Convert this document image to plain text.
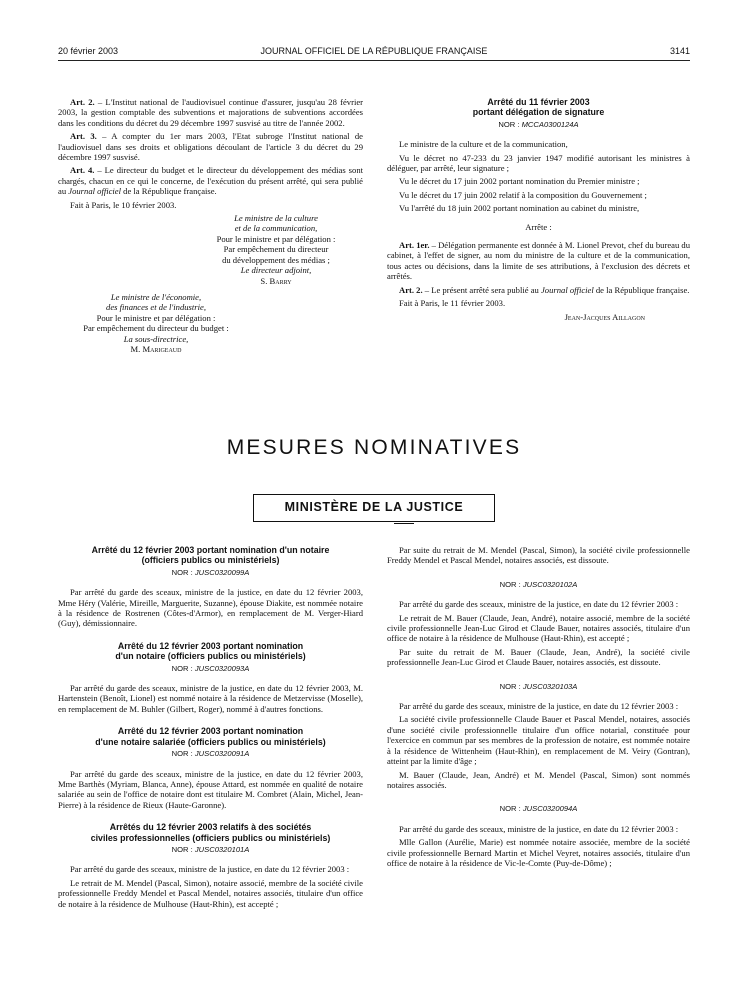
20 février 2003	JOURNAL OFFICIEL DE LA RÉPUBLIQUE FRANÇAISE	3141

Art. 2. – L'Institut national de l'audiovisuel continue d'assurer, jusqu'au 28 février 2003, la gestion comptable des subventions et majorations de subventions accordées dans les conditions du décret du 29 décembre 1997 susvisé au titre de l'année 2002.

Art. 3. – A compter du 1er mars 2003, l'Etat subroge l'Institut national de l'audiovisuel dans ses droits et obligations découlant de l'article 3 du décret du 29 décembre 1997 susvisé.

Art. 4. – Le directeur du budget et le directeur du développement des médias sont chargés, chacun en ce qui le concerne, de l'exécution du présent arrêté, qui sera publié au Journal officiel de la République française.

Fait à Paris, le 10 février 2003.

Le ministre de la culture
et de la communication,
Pour le ministre et par délégation :
Par empêchement du directeur
du développement des médias ;
Le directeur adjoint,
S. Barry
Le ministre de l'économie,
des finances et de l'industrie,
Pour le ministre et par délégation :
Par empêchement du directeur du budget :
La sous-directrice,
M. Marigeaud
Arrêté du 11 février 2003
portant délégation de signature
NOR : MCCA0300124A

Le ministre de la culture et de la communication,

Vu le décret no 47-233 du 23 janvier 1947 modifié autorisant les ministres à déléguer, par arrêté, leur signature ;

Vu le décret du 17 juin 2002 portant nomination du Premier ministre ;

Vu le décret du 17 juin 2002 relatif à la composition du Gouvernement ;

Vu l'arrêté du 18 juin 2002 portant nomination au cabinet du ministre,

Arrête :

Art. 1er. – Délégation permanente est donnée à M. Lionel Prevot, chef du bureau du cabinet, à l'effet de signer, au nom du ministre de la culture et de la communication, tous actes ou décisions, dans la limite de ses attributions, à l'exclusion des décrets et arrêtés.

Art. 2. – Le présent arrêté sera publié au Journal officiel de la République française.

Fait à Paris, le 11 février 2003.

Jean-Jacques Aillagon

MESURES NOMINATIVES
MINISTÈRE DE LA JUSTICE
Arrêté du 12 février 2003 portant nomination d'un notaire
(officiers publics ou ministériels)
NOR : JUSC0320099A

Par arrêté du garde des sceaux, ministre de la justice, en date du 12 février 2003, Mme Héry (Valérie, Mireille, Marguerite, Suzanne), épouse Diakite, est nommée notaire à la résidence de Rostrenen (Côtes-d'Armor), en remplacement de M. Verger-Hiard (Guy), démissionnaire.

Arrêté du 12 février 2003 portant nomination
d'un notaire (officiers publics ou ministériels)
NOR : JUSC0320093A

Par arrêté du garde des sceaux, ministre de la justice, en date du 12 février 2003, M. Hartenstein (Benoît, Lionel) est nommé notaire à la résidence de Metzervisse (Moselle), en remplacement de M. Buhler (Gilbert, Roger), nommé à d'autres fonctions.

Arrêté du 12 février 2003 portant nomination
d'une notaire salariée (officiers publics ou ministériels)
NOR : JUSC0320091A

Par arrêté du garde des sceaux, ministre de la justice, en date du 12 février 2003, Mme Barthès (Myriam, Blanca, Anne), épouse Attard, est nommée en qualité de notaire salariée au sein de l'office de notaire dont est titulaire M. Combret (Alain, Michel, Jean-Pierre) à la résidence de Rieux (Haute-Garonne).

Arrêtés du 12 février 2003 relatifs à des sociétés
civiles professionnelles (officiers publics ou ministériels)
NOR : JUSC0320101A

Par arrêté du garde des sceaux, ministre de la justice, en date du 12 février 2003 :

Le retrait de M. Mendel (Pascal, Simon), notaire associé, membre de la société civile professionnelle Freddy Mendel et Pascal Mendel, notaires associés, titulaire d'un office de notaire à la résidence de Mulhouse (Haut-Rhin), est accepté ;

Par suite du retrait de M. Mendel (Pascal, Simon), la société civile professionnelle Freddy Mendel et Pascal Mendel, notaires associés, est dissoute.

NOR : JUSC0320102A

Par arrêté du garde des sceaux, ministre de la justice, en date du 12 février 2003 :

Le retrait de M. Bauer (Claude, Jean, André), notaire associé, membre de la société civile professionnelle Jean-Luc Girod et Claude Bauer, notaires associés, titulaire d'un office de notaire à la résidence de Mulhouse (Haut-Rhin), est accepté ;

Par suite du retrait de M. Bauer (Claude, Jean, André), la société civile professionnelle Jean-Luc Girod et Claude Bauer, notaires associés, est dissoute.

NOR : JUSC0320103A

Par arrêté du garde des sceaux, ministre de la justice, en date du 12 février 2003 :

La société civile professionnelle Claude Bauer et Pascal Mendel, notaires, associés d'une société civile professionnelle titulaire d'un office notarial, constituée pour l'exercice en commun par ses membres de la profession de notaire, est nommée notaire à la résidence de Wittenheim (Haut-Rhin), en remplacement de M. Veiry (Gontran), atteint par la limite d'âge ;

M. Bauer (Claude, Jean, André) et M. Mendel (Pascal, Simon) sont nommés notaires associés.

NOR : JUSC0320094A

Par arrêté du garde des sceaux, ministre de la justice, en date du 12 février 2003 :

Mlle Gallon (Aurélie, Marie) est nommée notaire associée, membre de la société civile professionnelle Bernard Martin et Michel Veyret, notaires associés, titulaire d'un office de notaire à la résidence de Vic-le-Comte (Puy-de-Dôme) ;
